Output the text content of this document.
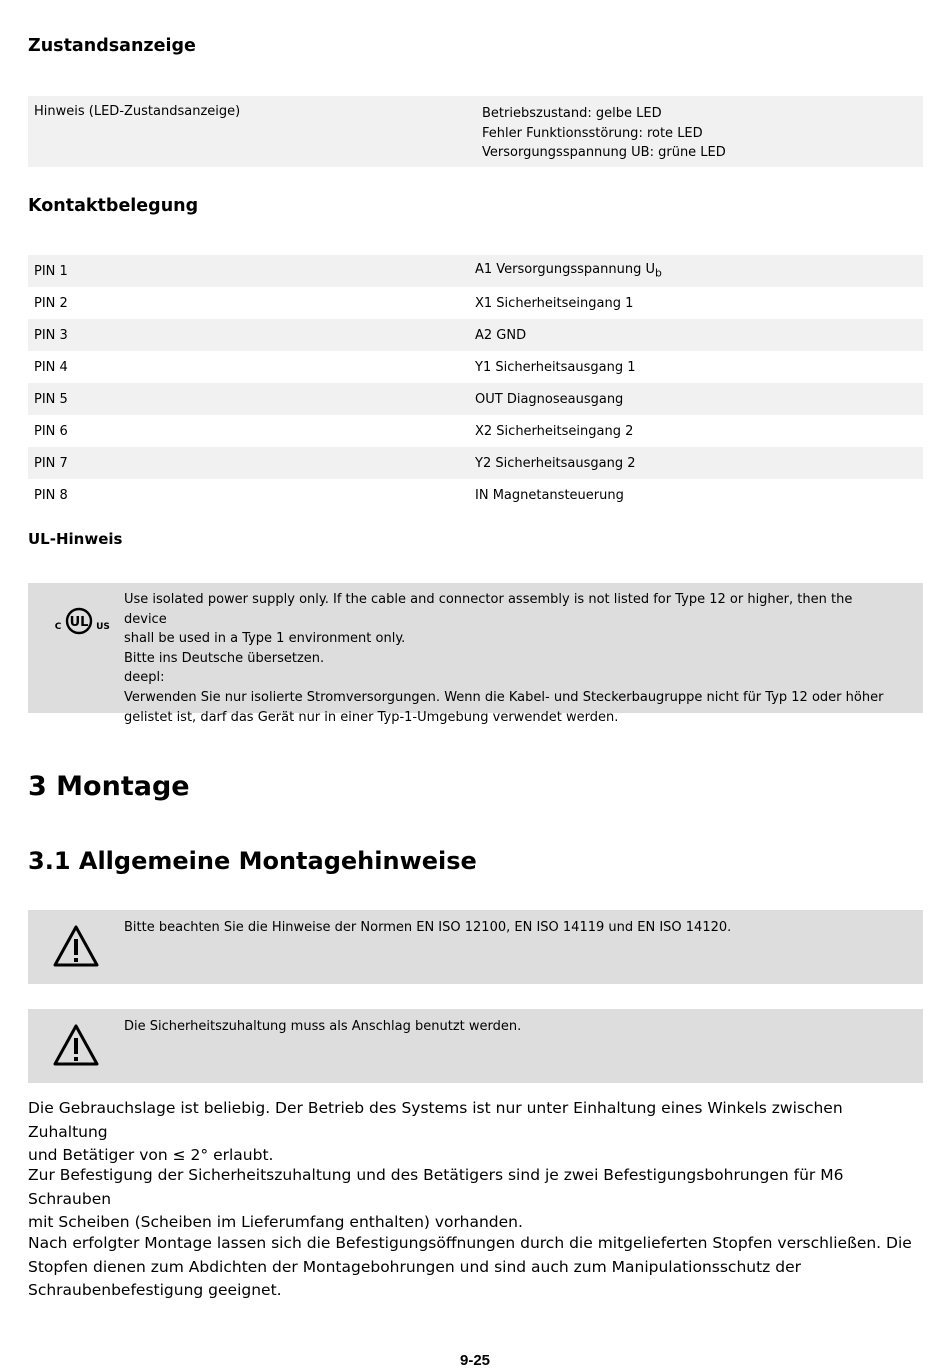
Zustandsanzeige
Hinweis (LED-Zustandsanzeige)	Betriebszustand: gelbe LED
Fehler Funktionsstörung: rote LED
Versorgungsspannung UB: grüne LED
Kontaktbelegung
PIN 1	A1 Versorgungsspannung $U_b$
PIN 2	X1 Sicherheitseingang 1
PIN 3	A2 GND
PIN 4	Y1 Sicherheitsausgang 1
PIN 5	OUT Diagnoseausgang
PIN 6	X2 Sicherheitseingang 2
PIN 7	Y2 Sicherheitsausgang 2
PIN 8	IN Magnetansteuerung
UL-Hinweis
UL
C	US
Use isolated power supply only. If the cable and connector assembly is not listed for Type 12 or higher, then the device
shall be used in a Type 1 environment only.
Bitte ins Deutsche übersetzen.
deepl:
Verwenden Sie nur isolierte Stromversorgungen. Wenn die Kabel- und Steckerbaugruppe nicht für Typ 12 oder höher
gelistet ist, darf das Gerät nur in einer Typ-1-Umgebung verwendet werden.
3 Montage
3.1 Allgemeine Montagehinweise
Bitte beachten Sie die Hinweise der Normen EN ISO 12100, EN ISO 14119 und EN ISO 14120.
Die Sicherheitszuhaltung muss als Anschlag benutzt werden.

Die Gebrauchslage ist beliebig. Der Betrieb des Systems ist nur unter Einhaltung eines Winkels zwischen Zuhaltung
und Betätiger von ≤ 2° erlaubt.

Zur Befestigung der Sicherheitszuhaltung und des Betätigers sind je zwei Befestigungsbohrungen für M6 Schrauben
mit Scheiben (Scheiben im Lieferumfang enthalten) vorhanden.

Nach erfolgter Montage lassen sich die Befestigungsöffnungen durch die mitgelieferten Stopfen verschließen. Die
Stopfen dienen zum Abdichten der Montagebohrungen und sind auch zum Manipulationsschutz der
Schraubenbefestigung geeignet.

9-25
